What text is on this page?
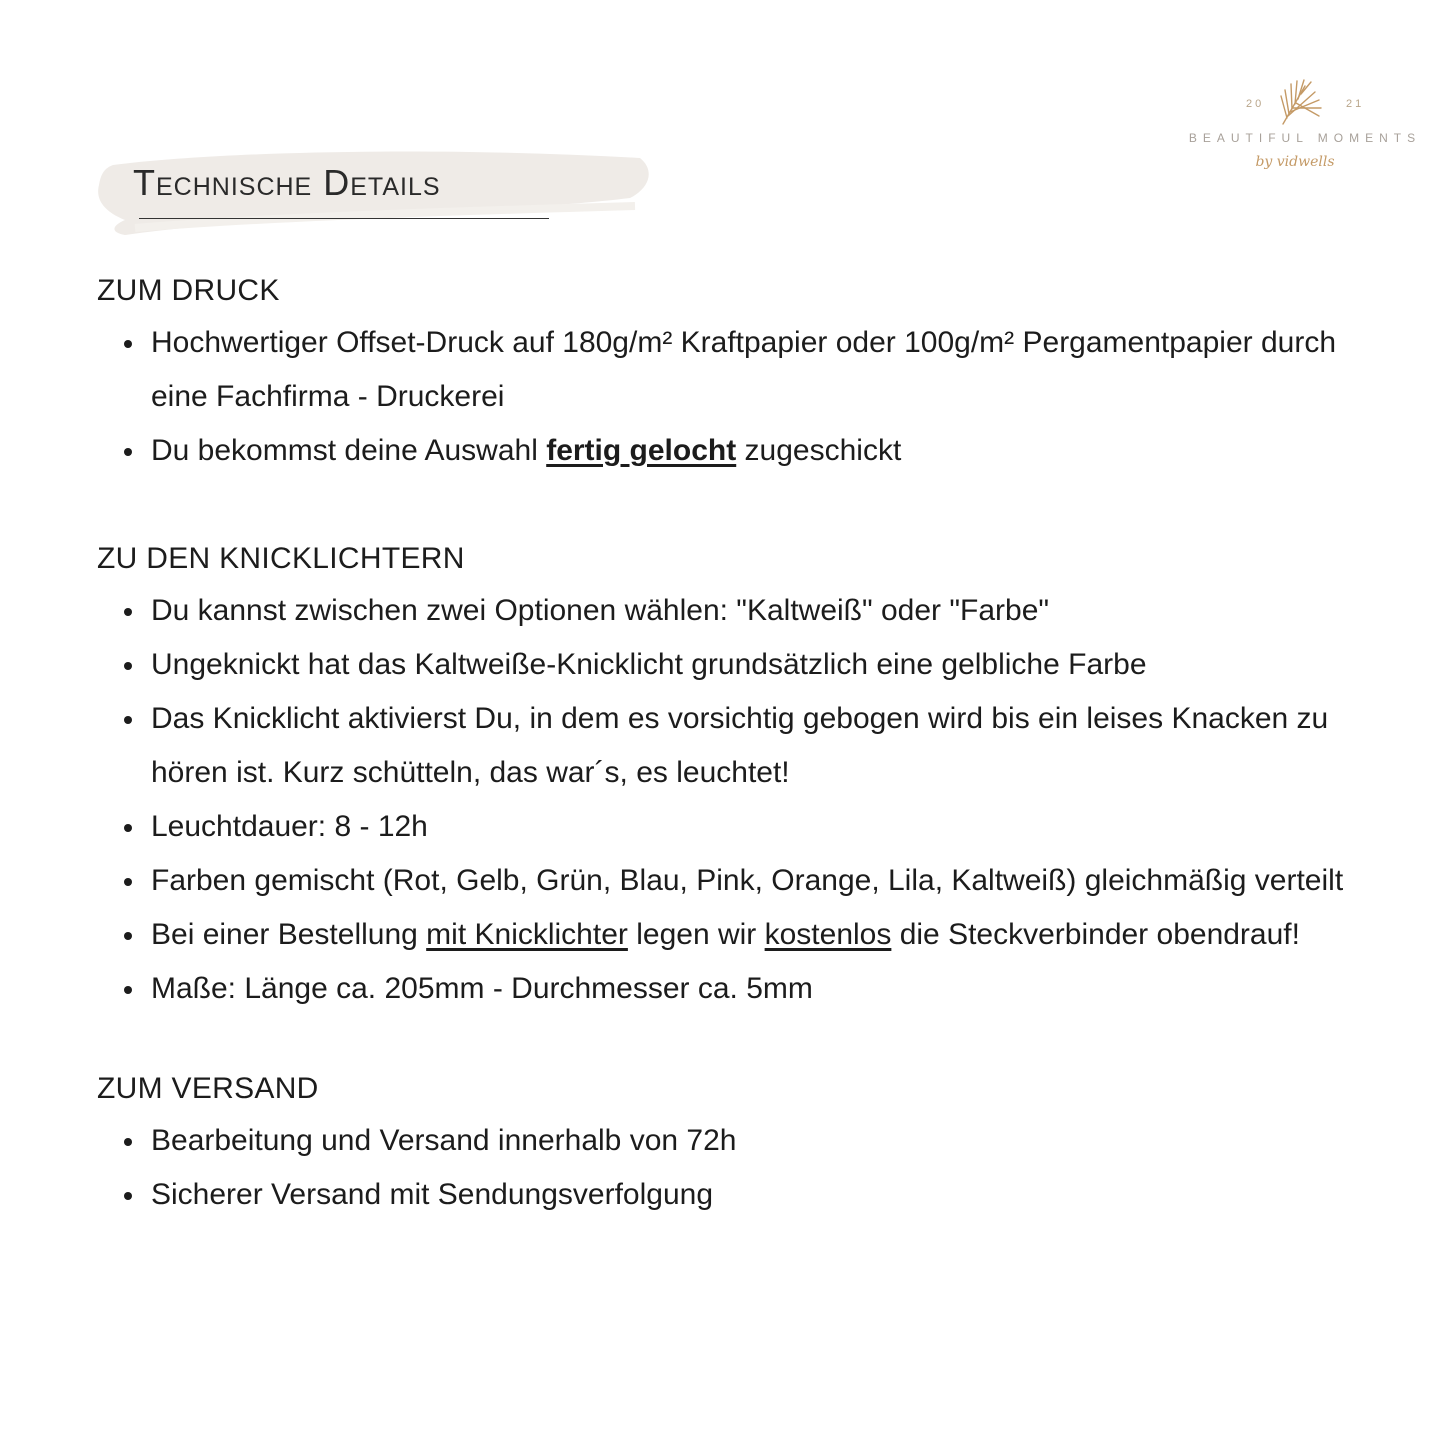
20	21
BEAUTIFUL MOMENTS
by vidwells
Technische Details
ZUM DRUCK
Hochwertiger Offset-Druck auf 180g/m² Kraftpapier oder 100g/m² Pergamentpapier durch eine Fachfirma - Druckerei
Du bekommst deine Auswahl fertig gelocht zugeschickt
ZU DEN KNICKLICHTERN
Du kannst zwischen zwei Optionen wählen: "Kaltweiß" oder "Farbe"
Ungeknickt hat das Kaltweiße-Knicklicht grundsätzlich eine gelbliche Farbe
Das Knicklicht aktivierst Du, in dem es vorsichtig gebogen wird bis ein leises Knacken zu hören ist. Kurz schütteln, das war´s, es leuchtet!
Leuchtdauer: 8 - 12h
Farben gemischt (Rot, Gelb, Grün, Blau, Pink, Orange, Lila, Kaltweiß) gleichmäßig verteilt
Bei einer Bestellung mit Knicklichter legen wir kostenlos die Steckverbinder obendrauf!
Maße: Länge ca. 205mm - Durchmesser ca. 5mm
ZUM VERSAND
Bearbeitung und Versand innerhalb von 72h
Sicherer Versand mit Sendungsverfolgung
